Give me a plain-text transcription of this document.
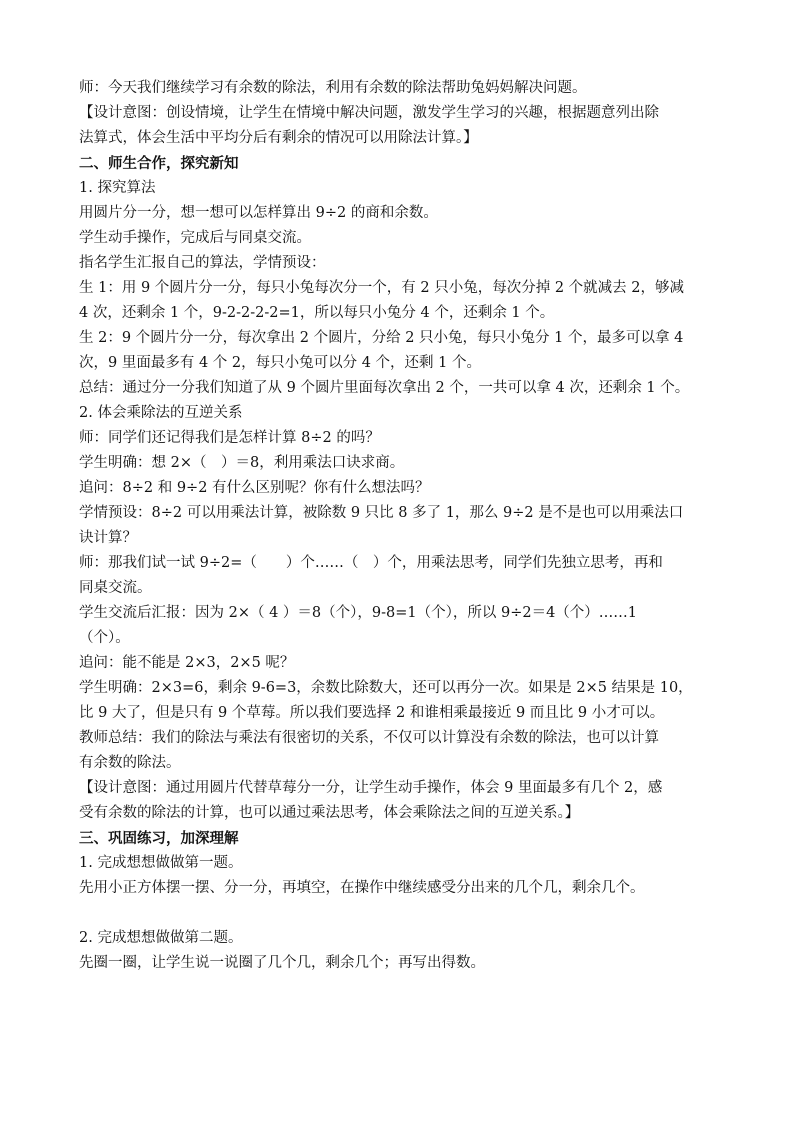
师：今天我们继续学习有余数的除法，利用有余数的除法帮助兔妈妈解决问题。
【设计意图：创设情境，让学生在情境中解决问题，激发学生学习的兴趣，根据题意列出除
法算式，体会生活中平均分后有剩余的情况可以用除法计算。】
二、师生合作，探究新知
1. 探究算法
用圆片分一分，想一想可以怎样算出 9÷2 的商和余数。
学生动手操作，完成后与同桌交流。
指名学生汇报自己的算法，学情预设：
生 1：用 9 个圆片分一分，每只小兔每次分一个，有 2 只小兔，每次分掉 2 个就减去 2，够减
4 次，还剩余 1 个，9-2-2-2-2=1，所以每只小兔分 4 个，还剩余 1 个。
生 2：9 个圆片分一分，每次拿出 2 个圆片，分给 2 只小兔，每只小兔分 1 个，最多可以拿 4
次，9 里面最多有 4 个 2，每只小兔可以分 4 个，还剩 1 个。
总结：通过分一分我们知道了从 9 个圆片里面每次拿出 2 个，一共可以拿 4 次，还剩余 1 个。
2. 体会乘除法的互逆关系
师：同学们还记得我们是怎样计算 8÷2 的吗？
学生明确：想 2×（　）＝8，利用乘法口诀求商。
追问：8÷2 和 9÷2 有什么区别呢？你有什么想法吗？
学情预设：8÷2 可以用乘法计算，被除数 9 只比 8 多了 1，那么 9÷2 是不是也可以用乘法口
诀计算？
师：那我们试一试 9÷2=（　　）个……（　）个，用乘法思考，同学们先独立思考，再和
同桌交流。
学生交流后汇报：因为 2×（ 4 ）＝8（个），9-8=1（个），所以 9÷2＝4（个）……1
（个）。
追问：能不能是 2×3，2×5 呢？
学生明确：2×3=6，剩余 9-6=3，余数比除数大，还可以再分一次。如果是 2×5 结果是 10，
比 9 大了，但是只有 9 个草莓。所以我们要选择 2 和谁相乘最接近 9 而且比 9 小才可以。
教师总结：我们的除法与乘法有很密切的关系，不仅可以计算没有余数的除法，也可以计算
有余数的除法。
【设计意图：通过用圆片代替草莓分一分，让学生动手操作，体会 9 里面最多有几个 2，感
受有余数的除法的计算，也可以通过乘法思考，体会乘除法之间的互逆关系。】
三、巩固练习，加深理解
1. 完成想想做做第一题。
先用小正方体摆一摆、分一分，再填空，在操作中继续感受分出来的几个几，剩余几个。
2. 完成想想做做第二题。
先圈一圈，让学生说一说圈了几个几，剩余几个；再写出得数。
